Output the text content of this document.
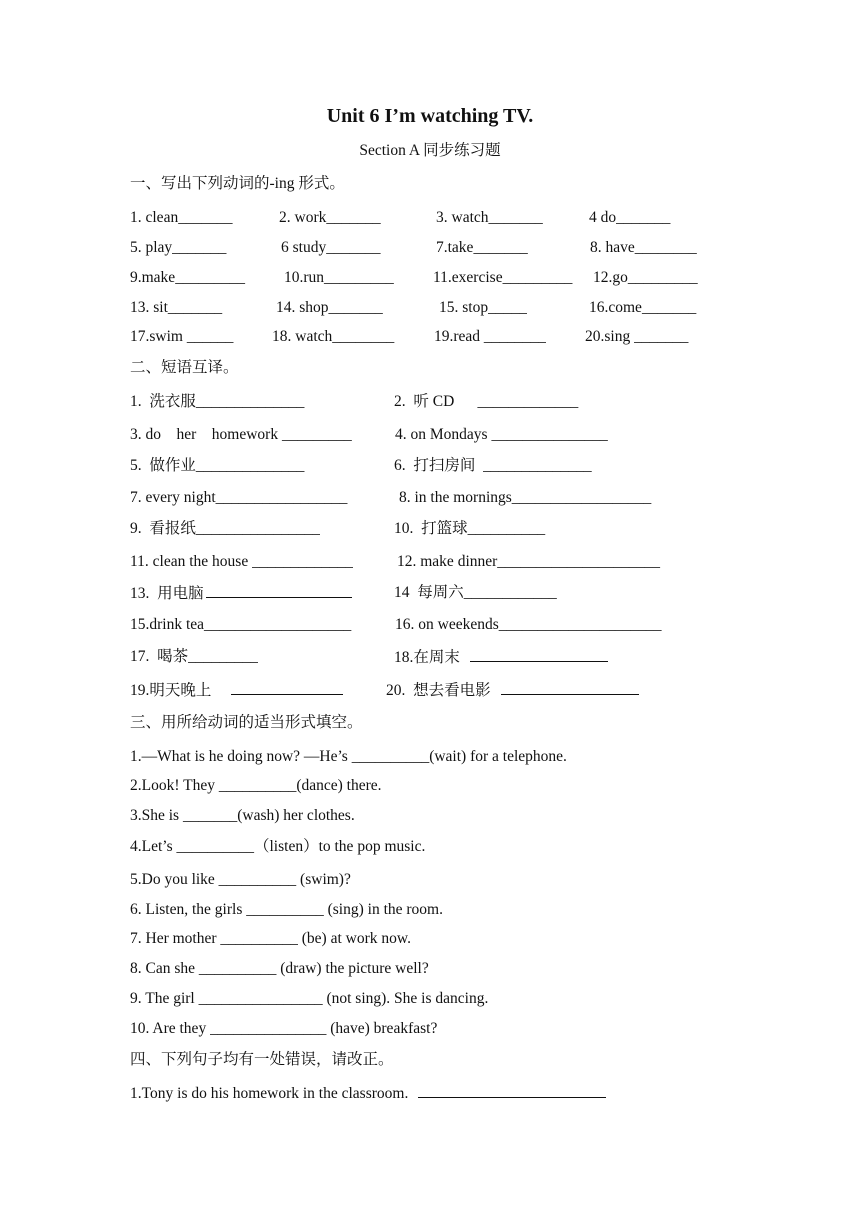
Unit 6 I’m watching TV.
Section A 同步练习题
一、写出下列动词的-ing 形式。
1. clean_______	2. work_______	3. watch_______	4 do_______
5. play_______	6 study_______	7.take_______	8. have________
9.make_________	10.run_________	11.exercise_________ 12.go_________
13. sit_______	14. shop_______	15. stop_____	16.come_______
17.swim ______ 18. watch________	19.read ________	20.sing _______
二、短语互译。
1.  洗衣服______________	2.  听 CD      _____________
3. do    her    homework _________	4. on Mondays _______________
5.  做作业______________	6.  打扫房间  ______________
7. every night_________________	8. in the mornings__________________
9.  看报纸________________	10.  打篮球__________
11. clean the house _____________	12. make dinner_____________________
13.  用电脑	14  每周六____________
15.drink tea___________________	16. on weekends_____________________
17.  喝茶_________	18.在周末
19.明天晚上	20.  想去看电影
三、用所给动词的适当形式填空。
1.—What is he doing now? —He’s __________(wait) for a telephone.
2.Look! They __________(dance) there.
3.She is _______(wash) her clothes.
4.Let’s __________（listen）to the pop music.
5.Do you like __________ (swim)?
6. Listen, the girls __________ (sing) in the room.
7. Her mother __________ (be) at work now.
8. Can she __________ (draw) the picture well?
9. The girl ________________ (not sing). She is dancing.
10. Are they _______________ (have) breakfast?
四、下列句子均有一处错误，请改正。
1.Tony is do his homework in the classroom.
